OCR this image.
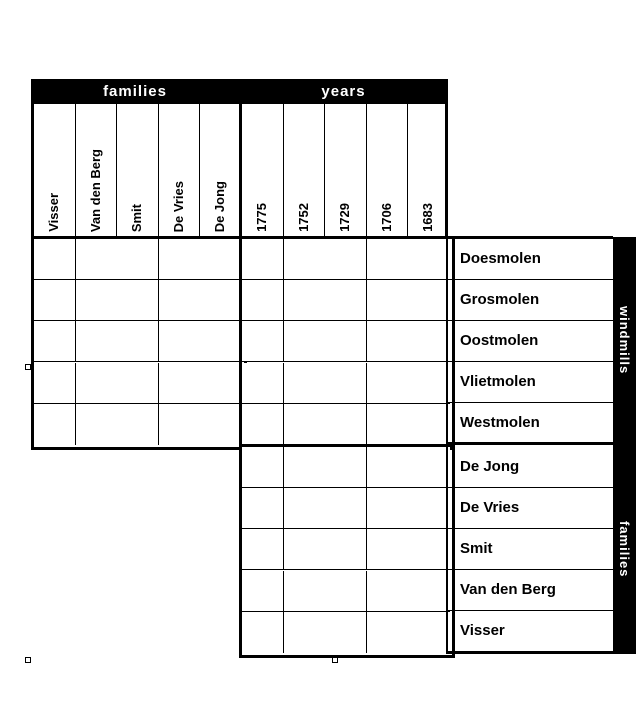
families	years
Visser Van den Berg Smit De Vries De Jong 1775 1752 1729 1706 1683
Doesmolen
Grosmolen
Oostmolen
Vlietmolen
Westmolen
De Jong
De Vries
Smit
Van den Berg
Visser
windmills
families
